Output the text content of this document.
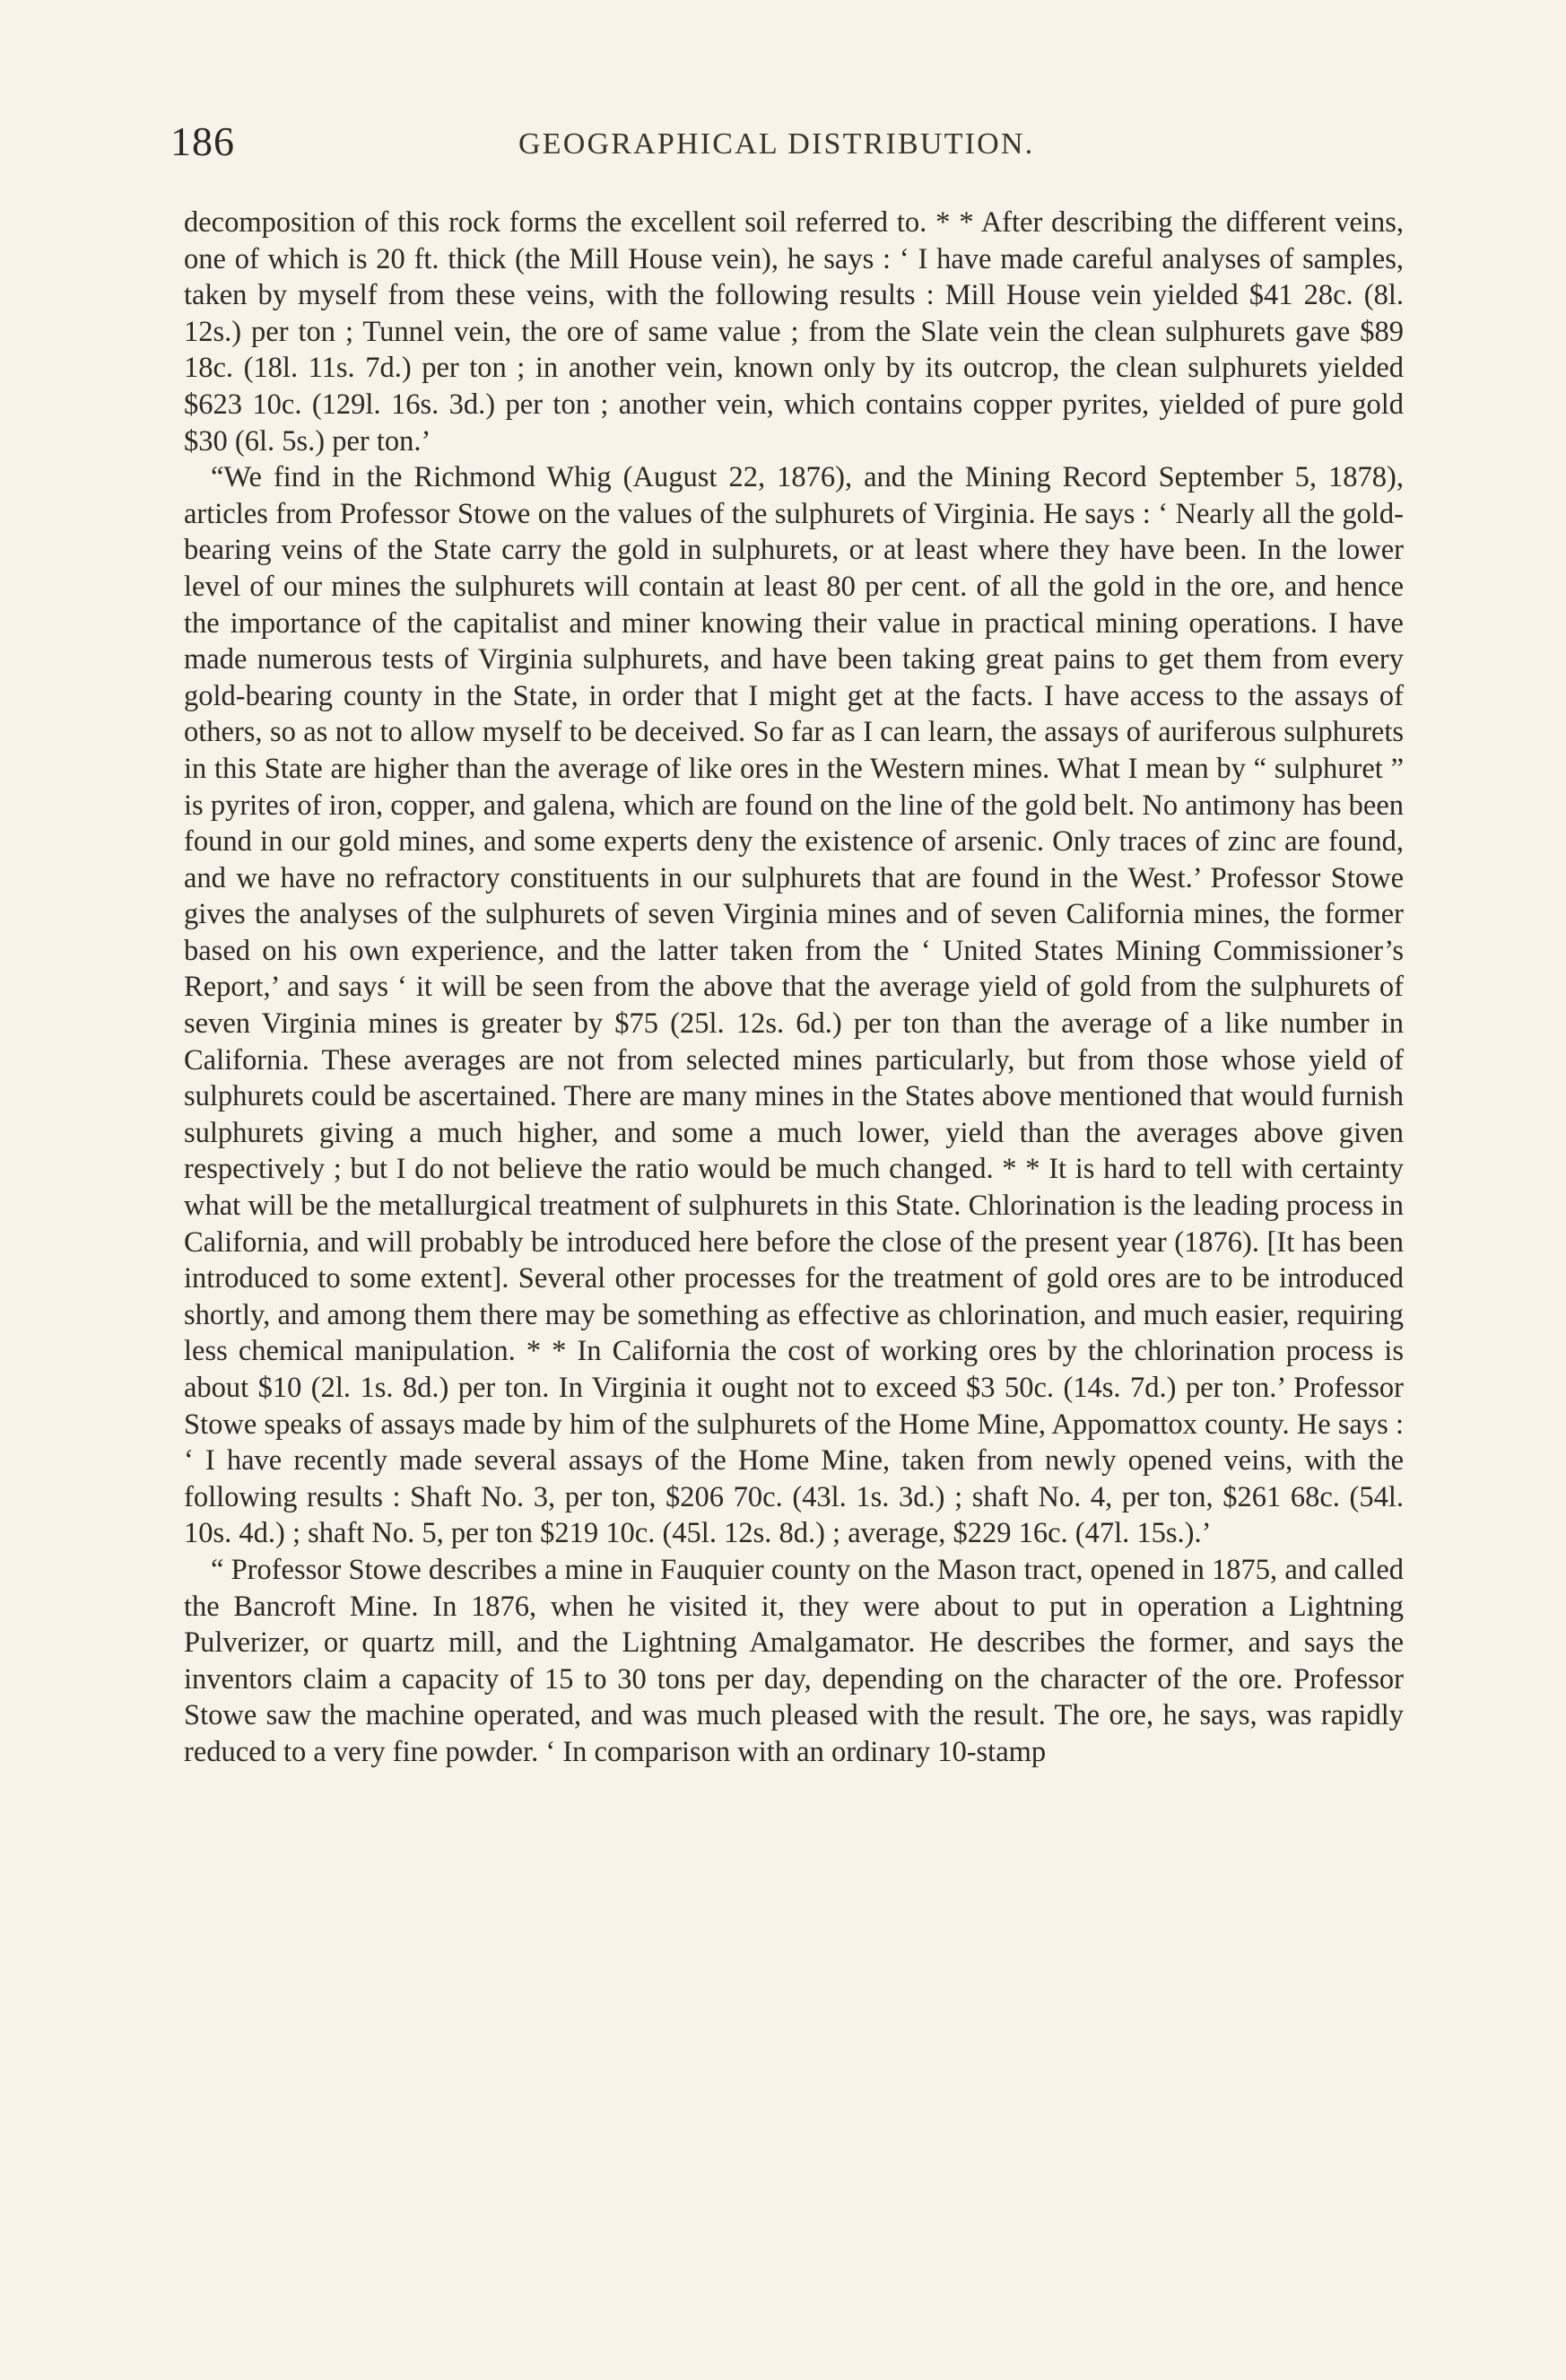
186	GEOGRAPHICAL DISTRIBUTION.

decomposition of this rock forms the excellent soil referred to. * * After describing the different veins, one of which is 20 ft. thick (the Mill House vein), he says : ‘ I have made careful analyses of samples, taken by myself from these veins, with the following results : Mill House vein yielded $41 28c. (8l. 12s.) per ton ; Tunnel vein, the ore of same value ; from the Slate vein the clean sulphurets gave $89 18c. (18l. 11s. 7d.) per ton ; in another vein, known only by its outcrop, the clean sulphurets yielded $623 10c. (129l. 16s. 3d.) per ton ; another vein, which contains copper pyrites, yielded of pure gold $30 (6l. 5s.) per ton.’

“We find in the Richmond Whig (August 22, 1876), and the Mining Record September 5, 1878), articles from Professor Stowe on the values of the sulphurets of Virginia. He says : ‘ Nearly all the gold-bearing veins of the State carry the gold in sulphurets, or at least where they have been. In the lower level of our mines the sulphurets will contain at least 80 per cent. of all the gold in the ore, and hence the importance of the capitalist and miner knowing their value in practical mining operations. I have made numerous tests of Virginia sulphurets, and have been taking great pains to get them from every gold-bearing county in the State, in order that I might get at the facts. I have access to the assays of others, so as not to allow myself to be deceived. So far as I can learn, the assays of auriferous sulphurets in this State are higher than the average of like ores in the Western mines. What I mean by “ sulphuret ” is pyrites of iron, copper, and galena, which are found on the line of the gold belt. No antimony has been found in our gold mines, and some experts deny the existence of arsenic. Only traces of zinc are found, and we have no refractory constituents in our sulphurets that are found in the West.’ Professor Stowe gives the analyses of the sulphurets of seven Virginia mines and of seven California mines, the former based on his own experience, and the latter taken from the ‘ United States Mining Commissioner’s Report,’ and says ‘ it will be seen from the above that the average yield of gold from the sulphurets of seven Virginia mines is greater by $75 (25l. 12s. 6d.) per ton than the average of a like number in California. These averages are not from selected mines particularly, but from those whose yield of sulphurets could be ascertained. There are many mines in the States above mentioned that would furnish sulphurets giving a much higher, and some a much lower, yield than the averages above given respectively ; but I do not believe the ratio would be much changed. * * It is hard to tell with certainty what will be the metallurgical treatment of sulphurets in this State. Chlorination is the leading process in California, and will probably be introduced here before the close of the present year (1876). [It has been introduced to some extent]. Several other processes for the treatment of gold ores are to be introduced shortly, and among them there may be something as effective as chlorination, and much easier, requiring less chemical manipulation. * * In California the cost of working ores by the chlorination process is about $10 (2l. 1s. 8d.) per ton. In Virginia it ought not to exceed $3 50c. (14s. 7d.) per ton.’ Professor Stowe speaks of assays made by him of the sulphurets of the Home Mine, Appomattox county. He says : ‘ I have recently made several assays of the Home Mine, taken from newly opened veins, with the following results : Shaft No. 3, per ton, $206 70c. (43l. 1s. 3d.) ; shaft No. 4, per ton, $261 68c. (54l. 10s. 4d.) ; shaft No. 5, per ton $219 10c. (45l. 12s. 8d.) ; average, $229 16c. (47l. 15s.).’

“ Professor Stowe describes a mine in Fauquier county on the Mason tract, opened in 1875, and called the Bancroft Mine. In 1876, when he visited it, they were about to put in operation a Lightning Pulverizer, or quartz mill, and the Lightning Amalgamator. He describes the former, and says the inventors claim a capacity of 15 to 30 tons per day, depending on the character of the ore. Professor Stowe saw the machine operated, and was much pleased with the result. The ore, he says, was rapidly reduced to a very fine powder. ‘ In comparison with an ordinary 10-stamp
